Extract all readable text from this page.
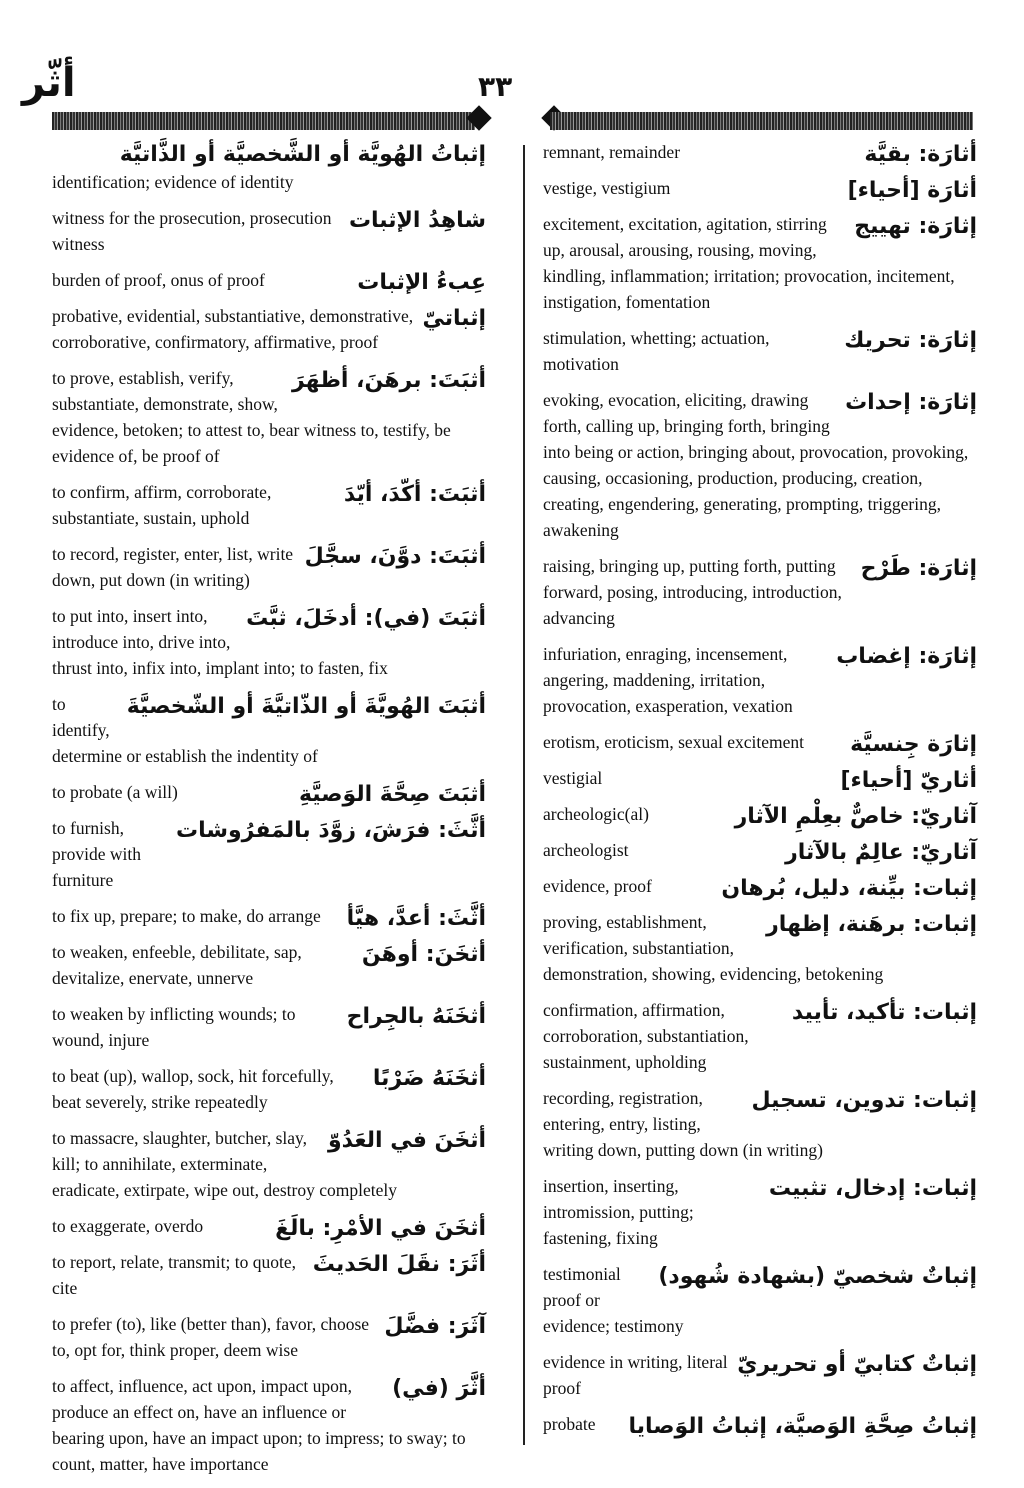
أثّر	٣٣
إثباتُ الهُويَّة أو الشَّخصيَّة أو الذَّاتيَّة
identification; evidence of identity
شاهِدُ الإثبات
witness for the prosecution, prosecution witness
عِبءُ الإثبات
burden of proof, onus of proof
إثباتيّ
probative, evidential, substantiative, demonstrative, corroborative, confirmatory, affirmative, proof
أثبَتَ: برهَنَ، أظهَرَ
to prove, establish, verify, substantiate, demonstrate, show, evidence, betoken; to attest to, bear witness to, testify, be evidence of, be proof of
أثبَتَ: أكّدَ، أيّدَ
to confirm, affirm, corroborate, substantiate, sustain, uphold
أثبَتَ: دوَّنَ، سجَّلَ
to record, register, enter, list, write down, put down (in writing)
أثبَتَ (في): أدخَلَ، ثبَّتَ
to put into, insert into, introduce into, drive into, thrust into, infix into, implant into; to fasten, fix
أثبَتَ الهُويَّةَ أو الذّاتيَّةَ أو الشّخصيَّةَ
to identify, determine or establish the indentity of
أثبَتَ صِحَّةَ الوَصيَّةِ
to probate (a will)
أثَّثَ: فرَشَ، زوَّدَ بالمَفرُوشات
to furnish, provide with furniture
أثَّثَ: أعدَّ، هيَّأ
to fix up, prepare; to make, do arrange
أثخَنَ: أوهَنَ
to weaken, enfeeble, debilitate, sap, devitalize, enervate, unnerve
أثخَنَهُ بالجِراح
to weaken by inflicting wounds; to wound, injure
أثخَنَهُ ضَرْبًا
to beat (up), wallop, sock, hit forcefully, beat severely, strike repeatedly
أثخَنَ في العَدُوّ
to massacre, slaughter, butcher, slay, kill; to annihilate, exterminate, eradicate, extirpate, wipe out, destroy completely
أثخَنَ في الأمْرِ: بالَغَ
to exaggerate, overdo
أثَرَ: نقَلَ الحَديثَ
to report, relate, transmit; to quote, cite
آثَرَ: فضَّلَ
to prefer (to), like (better than), favor, choose to, opt for, think proper, deem wise
أثَّرَ (في)
to affect, influence, act upon, impact upon, produce an effect on, have an influence or bearing upon, have an impact upon; to impress; to sway; to count, matter, have importance
أثارَة: بقيَّة
remnant, remainder
أثارَة [أحياء]
vestige, vestigium
إثارَة: تهييج
excitement, excitation, agitation, stirring up, arousal, arousing, rousing, moving, kindling, inflammation; irritation; provocation, incitement, instigation, fomentation
إثارَة: تحريك
stimulation, whetting; actuation, motivation
إثارَة: إحداث
evoking, evocation, eliciting, drawing forth, calling up, bringing forth, bringing into being or action, bringing about, provocation, provoking, causing, occasioning, production, producing, creation, creating, engendering, generating, prompting, triggering, awakening
إثارَة: طَرْح
raising, bringing up, putting forth, putting forward, posing, introducing, introduction, advancing
إثارَة: إغضاب
infuriation, enraging, incensement, angering, maddening, irritation, provocation, exasperation, vexation
إثارَة جِنسيَّة
erotism, eroticism, sexual excitement
أثاريّ [أحياء]
vestigial
آثاريّ: خاصٌّ بعِلْمِ الآثار
archeologic(al)
آثاريّ: عالِمٌ بالآثار
archeologist
إثبات: بيِّنة، دليل، بُرهان
evidence, proof
إثبات: برهَنة، إظهار
proving, establishment, verification, substantiation, demonstration, showing, evidencing, betokening
إثبات: تأكيد، تأييد
confirmation, affirmation, corroboration, substantiation, sustainment, upholding
إثبات: تدوين، تسجيل
recording, registration, entering, entry, listing, writing down, putting down (in writing)
إثبات: إدخال، تثبيت
insertion, inserting, intromission, putting; fastening, fixing
إثباتٌ شخصيّ (بشهادة شُهود)
testimonial proof or evidence; testimony
إثباتٌ كتابيّ أو تحريريّ
evidence in writing, literal proof
إثباتُ صِحَّةِ الوَصيَّة، إثباتُ الوَصايا
probate
